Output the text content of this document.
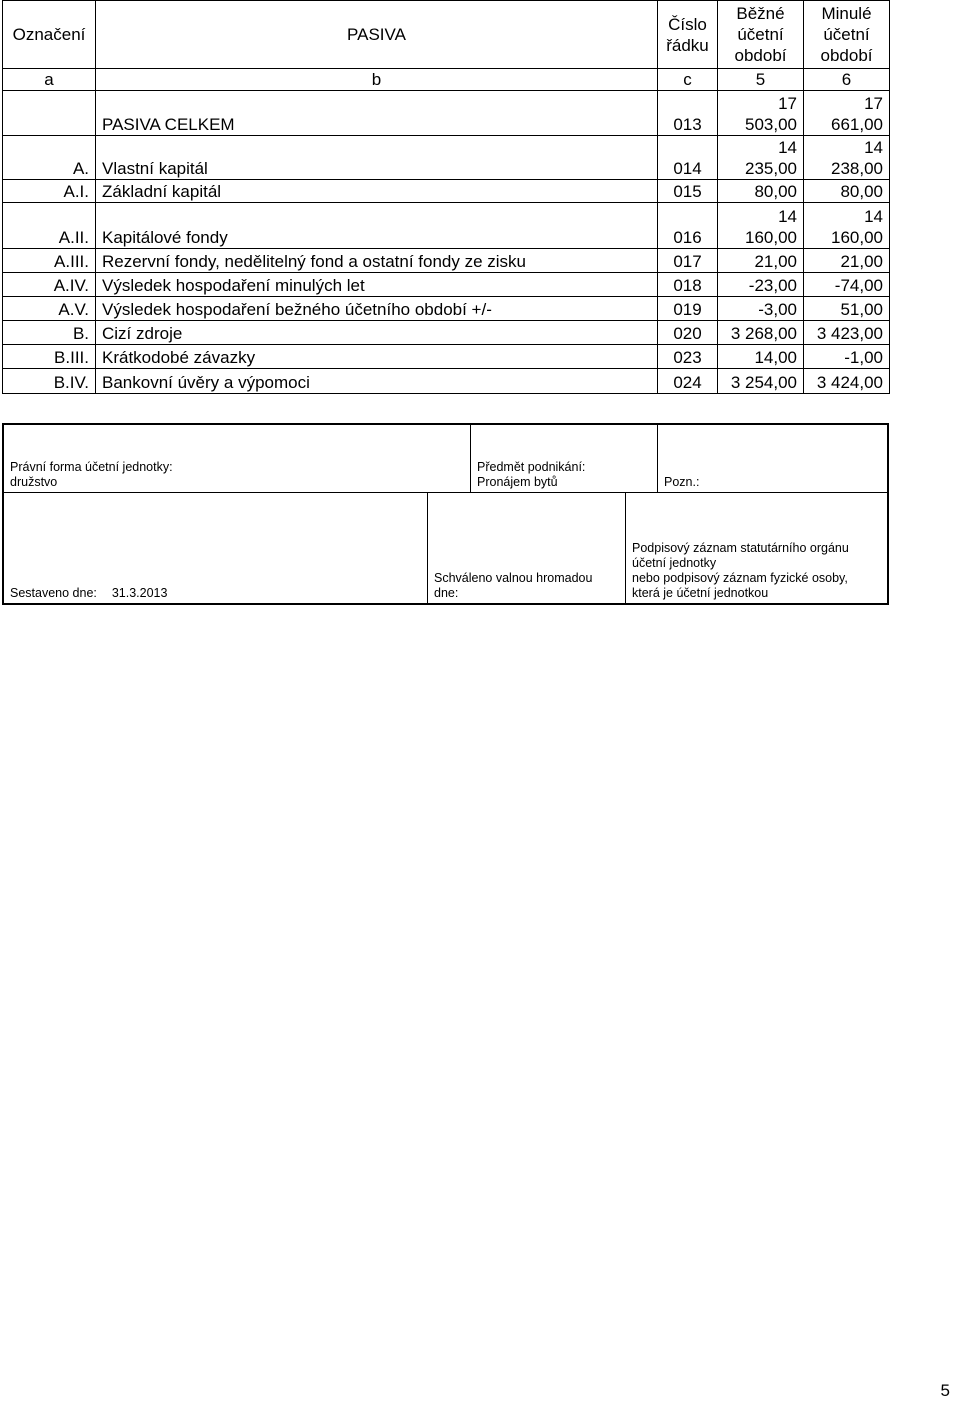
Označení	PASIVA	Číslo řádku	Běžné účetní období	Minulé účetní období
a	b	c	5	6
	PASIVA CELKEM	013	17 503,00	17 661,00
A.	Vlastní kapitál	014	14 235,00	14 238,00
A.I.	Základní kapitál	015	80,00	80,00
A.II.	Kapitálové fondy	016	14 160,00	14 160,00
A.III.	Rezervní fondy, nedělitelný fond a ostatní fondy ze zisku	017	21,00	21,00
A.IV.	Výsledek hospodaření minulých let	018	-23,00	-74,00
A.V.	Výsledek hospodaření bežného účetního období +/-	019	-3,00	51,00
B.	Cizí zdroje	020	3 268,00	3 423,00
B.III.	Krátkodobé závazky	023	14,00	-1,00
B.IV.	Bankovní úvěry a výpomoci	024	3 254,00	3 424,00
Právní forma účetní jednotky:
družstvo
Předmět podnikání:
Pronájem bytů	Pozn.:
Sestaveno dne: 31.3.2013
Schváleno valnou hromadou dne:
Podpisový záznam statutárního orgánu účetní jednotky
nebo podpisový záznam fyzické osoby, která je účetní jednotkou
5
